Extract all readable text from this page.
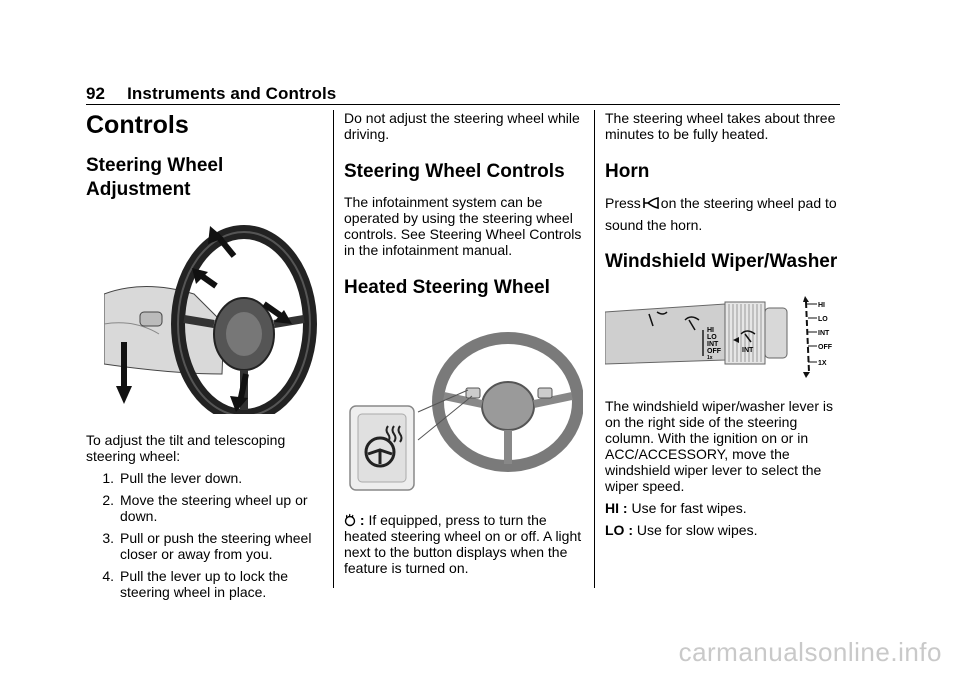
92 Instruments and Controls
Controls
Steering Wheel Adjustment

To adjust the tilt and telescoping steering wheel:

1. Pull the lever down.
2. Move the steering wheel up or down.
3. Pull or push the steering wheel closer or away from you.
4. Pull the lever up to lock the steering wheel in place.

Do not adjust the steering wheel while driving.

Steering Wheel Controls

The infotainment system can be operated by using the steering wheel controls. See Steering Wheel Controls in the infotainment manual.

Heated Steering Wheel

: If equipped, press to turn the heated steering wheel on or off. A light next to the button displays when the feature is turned on.

The steering wheel takes about three minutes to be fully heated.

Horn

Press on the steering wheel pad to sound the horn.

Windshield Wiper/Washer
HI
LO
INT
OFF
1x
INT
HI
LO
INT
OFF
1X

The windshield wiper/washer lever is on the right side of the steering column. With the ignition on or in ACC/ACCESSORY, move the windshield wiper lever to select the wiper speed.

HI : Use for fast wipes.

LO : Use for slow wipes.

carmanualsonline.info
